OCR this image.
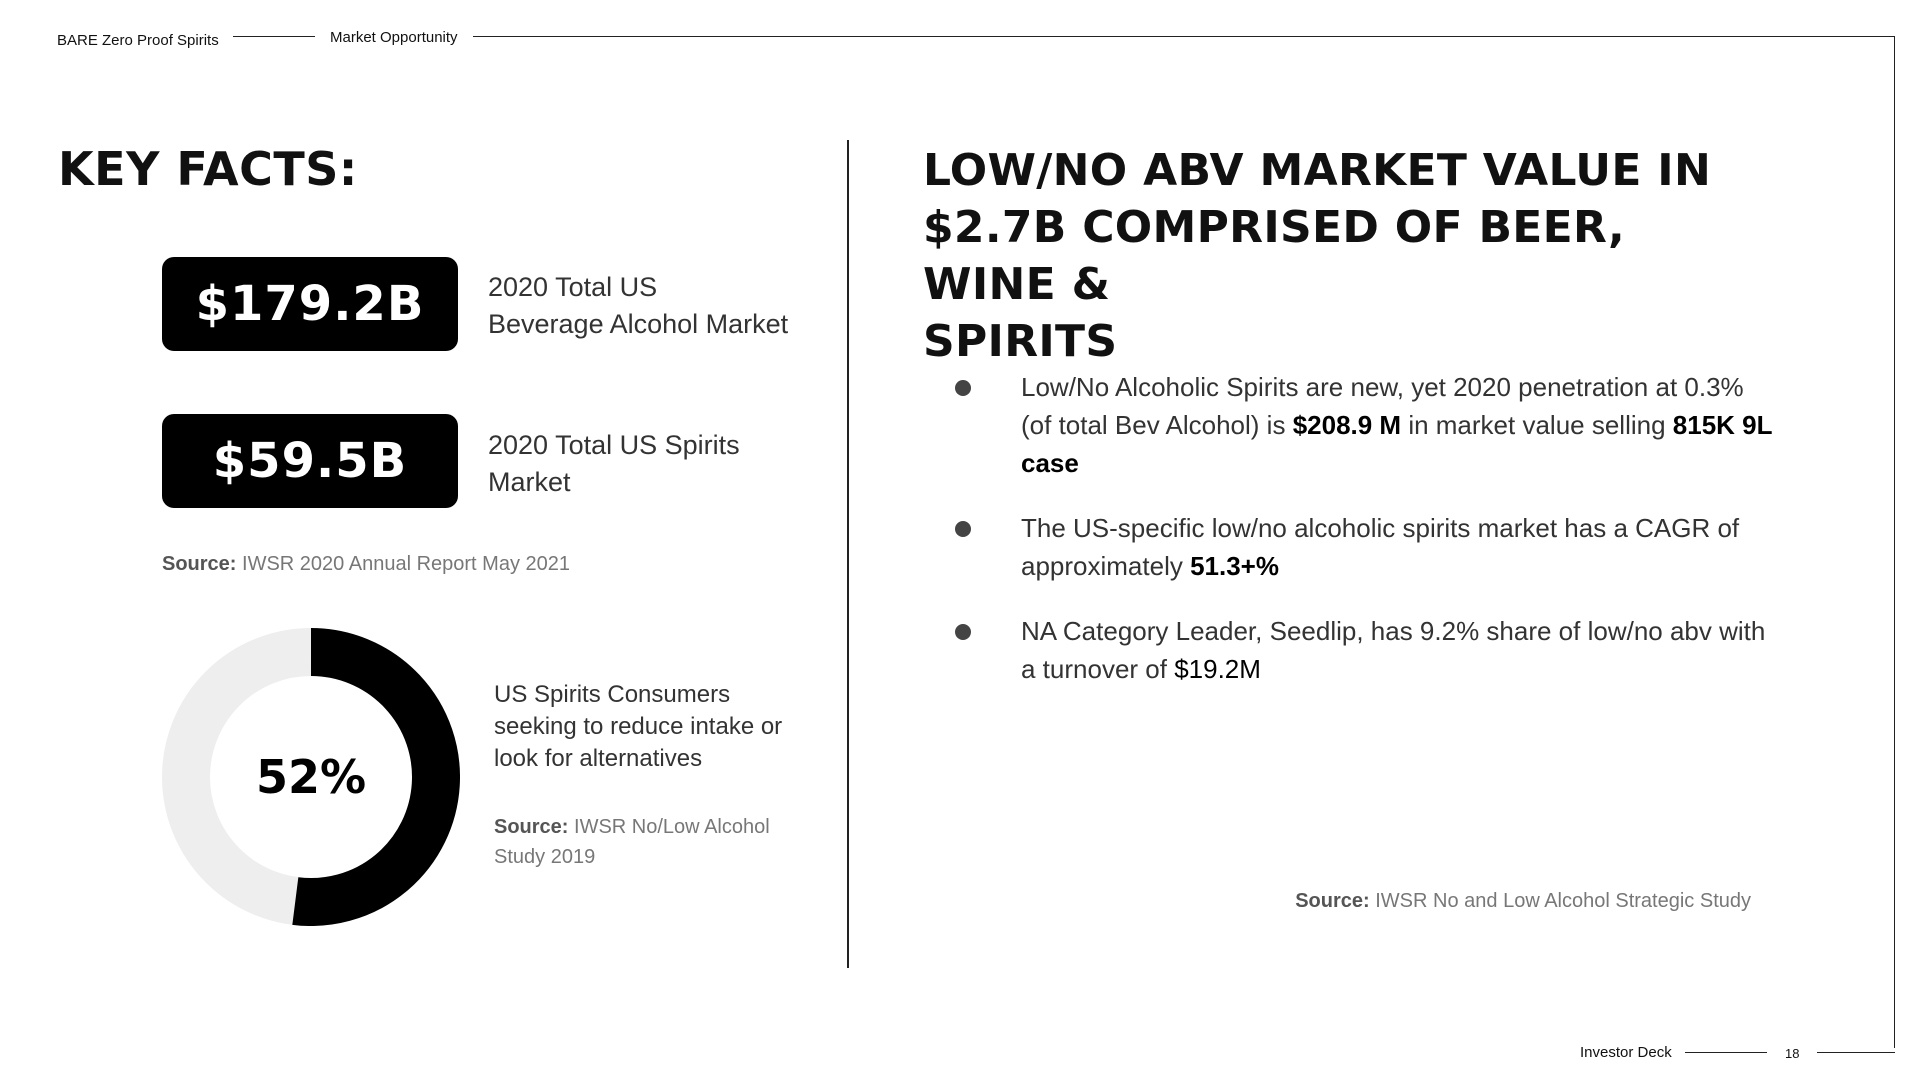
BARE Zero Proof Spirits	Market Opportunity
KEY FACTS:
$179.2B	2020 Total US
Beverage Alcohol Market
$59.5B	2020 Total US Spirits
Market
Source: IWSR 2020 Annual Report May 2021
52%
US Spirits Consumers
seeking to reduce intake or
look for alternatives
Source: IWSR No/Low Alcohol
Study 2019
LOW/NO ABV MARKET VALUE IN
$2.7B COMPRISED OF BEER, WINE &
SPIRITS
Low/No Alcoholic Spirits are new, yet 2020 penetration at 0.3% (of total Bev Alcohol) is $208.9 M in market value selling 815K 9L case
The US-specific low/no alcoholic spirits market has a CAGR of approximately 51.3+%
NA Category Leader, Seedlip, has 9.2% share of low/no abv with a turnover of $19.2M
Source: IWSR No and Low Alcohol Strategic Study
Investor Deck	18
